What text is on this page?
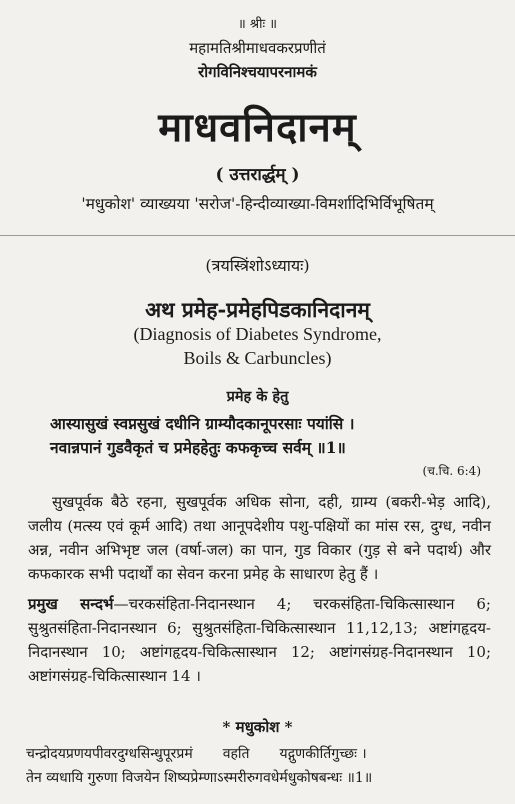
॥ श्रीः ॥
महामतिश्रीमाधवकरप्रणीतं
रोगविनिश्चयापरनामकं
माधवनिदानम्
( उत्तरार्द्धम् )
'मधुकोश' व्याख्यया 'सरोज'-हिन्दीव्याख्या-विमर्शादिभिर्विभूषितम्
(त्रयस्त्रिंशोऽध्यायः)
अथ प्रमेह-प्रमेहपिडकानिदानम्
(Diagnosis of Diabetes Syndrome,
Boils & Carbuncles)
प्रमेह के हेतु
आस्यासुखं स्वप्नसुखं दधीनि ग्राम्यौदकानूपरसाः पयांसि ।
नवान्नपानं गुडवैकृतं च प्रमेहहेतुः कफकृच्च सर्वम् ॥1॥
(च.चि. 6:4)
सुखपूर्वक बैठे रहना, सुखपूर्वक अधिक सोना, दही, ग्राम्य (बकरी-भेड़ आदि), जलीय (मत्स्य एवं कूर्म आदि) तथा आनूपदेशीय पशु-पक्षियों का मांस रस, दुग्ध, नवीन अन्न, नवीन अभिभृष्ट जल (वर्षा-जल) का पान, गुड विकार (गुड़ से बने पदार्थ) और कफकारक सभी पदार्थों का सेवन करना प्रमेह के साधारण हेतु हैं ।
प्रमुख सन्दर्भ—चरकसंहिता-निदानस्थान 4; चरकसंहिता-चिकित्सास्थान 6; सुश्रुतसंहिता-निदानस्थान 6; सुश्रुतसंहिता-चिकित्सास्थान 11,12,13; अष्टांगहृदय-निदानस्थान 10; अष्टांगहृदय-चिकित्सास्थान 12; अष्टांगसंग्रह-निदानस्थान 10; अष्टांगसंग्रह-चिकित्सास्थान 14 ।
* मधुकोश *
चन्द्रोदयप्रणयपीवरदुग्धसिन्धुपूरप्रमं वहति यद्गुणकीर्तिगुच्छः ।
तेन व्यधायि गुरुणा विजयेन शिष्यप्रेम्णाऽस्मरीरुगवधेर्मधुकोषबन्धः ॥1॥
